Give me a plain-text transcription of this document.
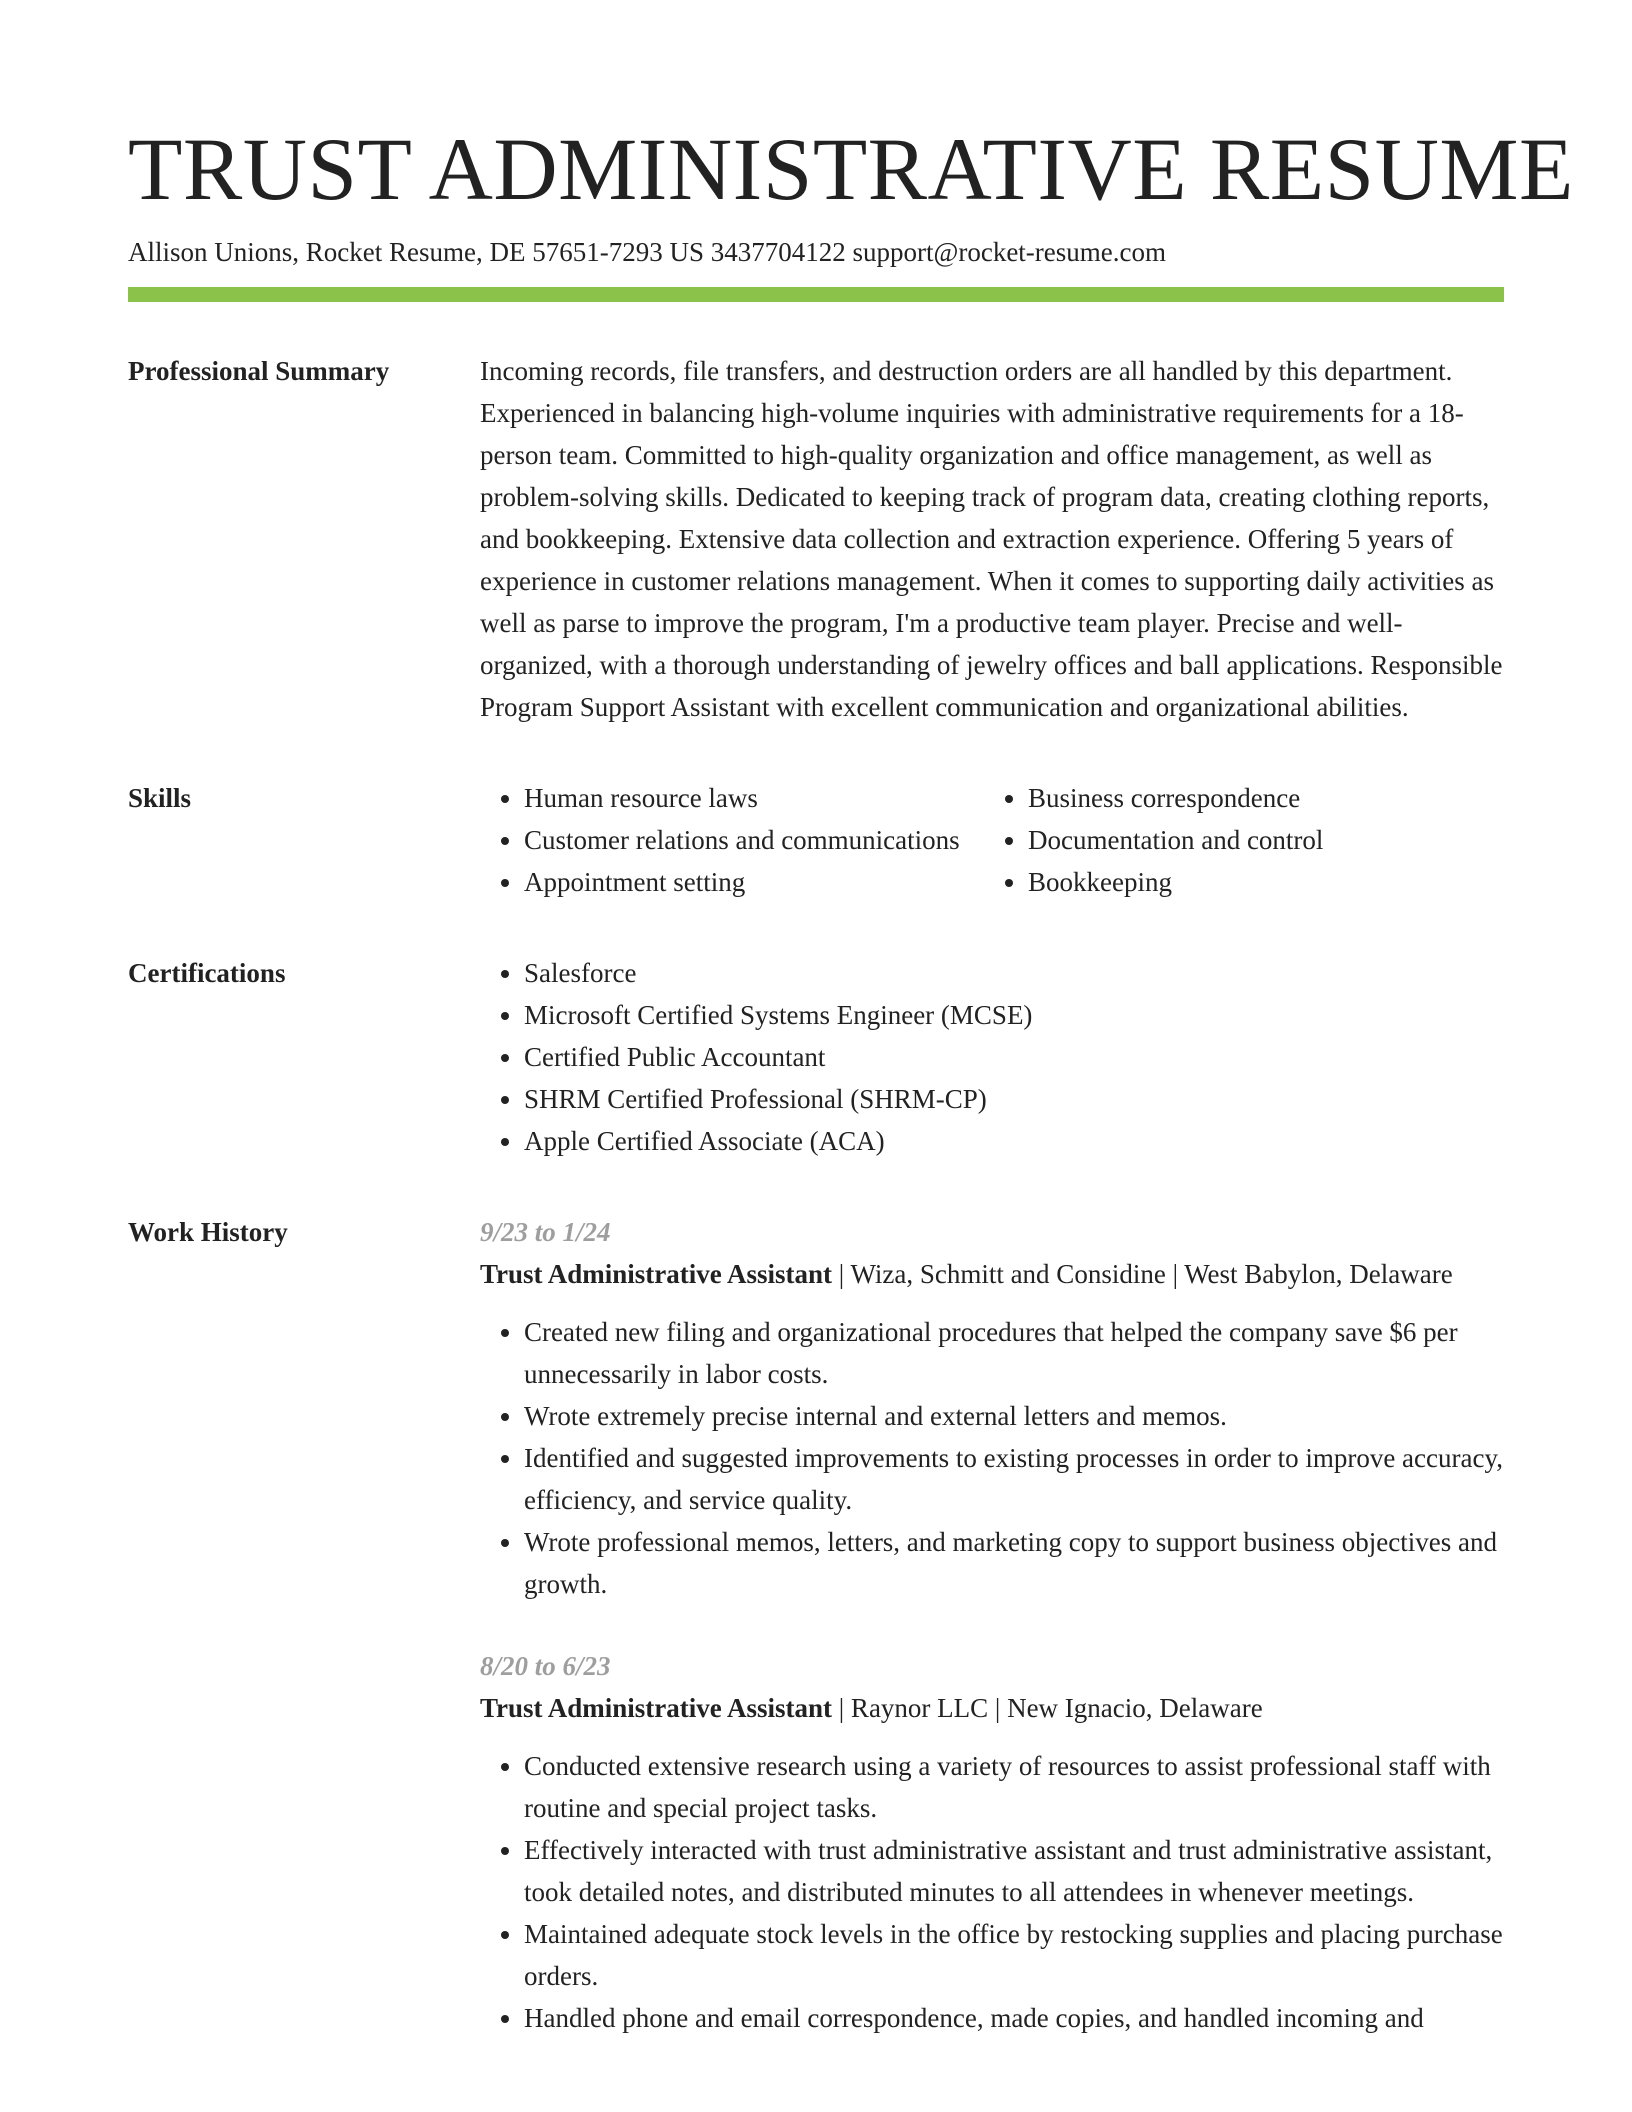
TRUST ADMINISTRATIVE RESUME
Allison Unions, Rocket Resume, DE 57651-7293 US 3437704122 support@rocket-resume.com
Professional Summary	Incoming records, file transfers, and destruction orders are all handled by this department. Experienced in balancing high-volume inquiries with administrative requirements for a 18-person team. Committed to high-quality organization and office management, as well as problem-solving skills. Dedicated to keeping track of program data, creating clothing reports, and bookkeeping. Extensive data collection and extraction experience. Offering 5 years of experience in customer relations management. When it comes to supporting daily activities as well as parse to improve the program, I'm a productive team player. Precise and well-organized, with a thorough understanding of jewelry offices and ball applications. Responsible Program Support Assistant with excellent communication and organizational abilities.

Skills	• Human resource laws
• Customer relations and communications
• Appointment setting
• Business correspondence
• Documentation and control
• Bookkeeping
Certifications	• Salesforce
• Microsoft Certified Systems Engineer (MCSE)
• Certified Public Accountant
• SHRM Certified Professional (SHRM-CP)
• Apple Certified Associate (ACA)
Work History	9/23 to 1/24
Trust Administrative Assistant | Wiza, Schmitt and Considine | West Babylon, Delaware
• Created new filing and organizational procedures that helped the company save $6 per unnecessarily in labor costs.
• Wrote extremely precise internal and external letters and memos.
• Identified and suggested improvements to existing processes in order to improve accuracy, efficiency, and service quality.
• Wrote professional memos, letters, and marketing copy to support business objectives and growth.
8/20 to 6/23
Trust Administrative Assistant | Raynor LLC | New Ignacio, Delaware
• Conducted extensive research using a variety of resources to assist professional staff with routine and special project tasks.
• Effectively interacted with trust administrative assistant and trust administrative assistant, took detailed notes, and distributed minutes to all attendees in whenever meetings.
• Maintained adequate stock levels in the office by restocking supplies and placing purchase orders.
• Handled phone and email correspondence, made copies, and handled incoming and
